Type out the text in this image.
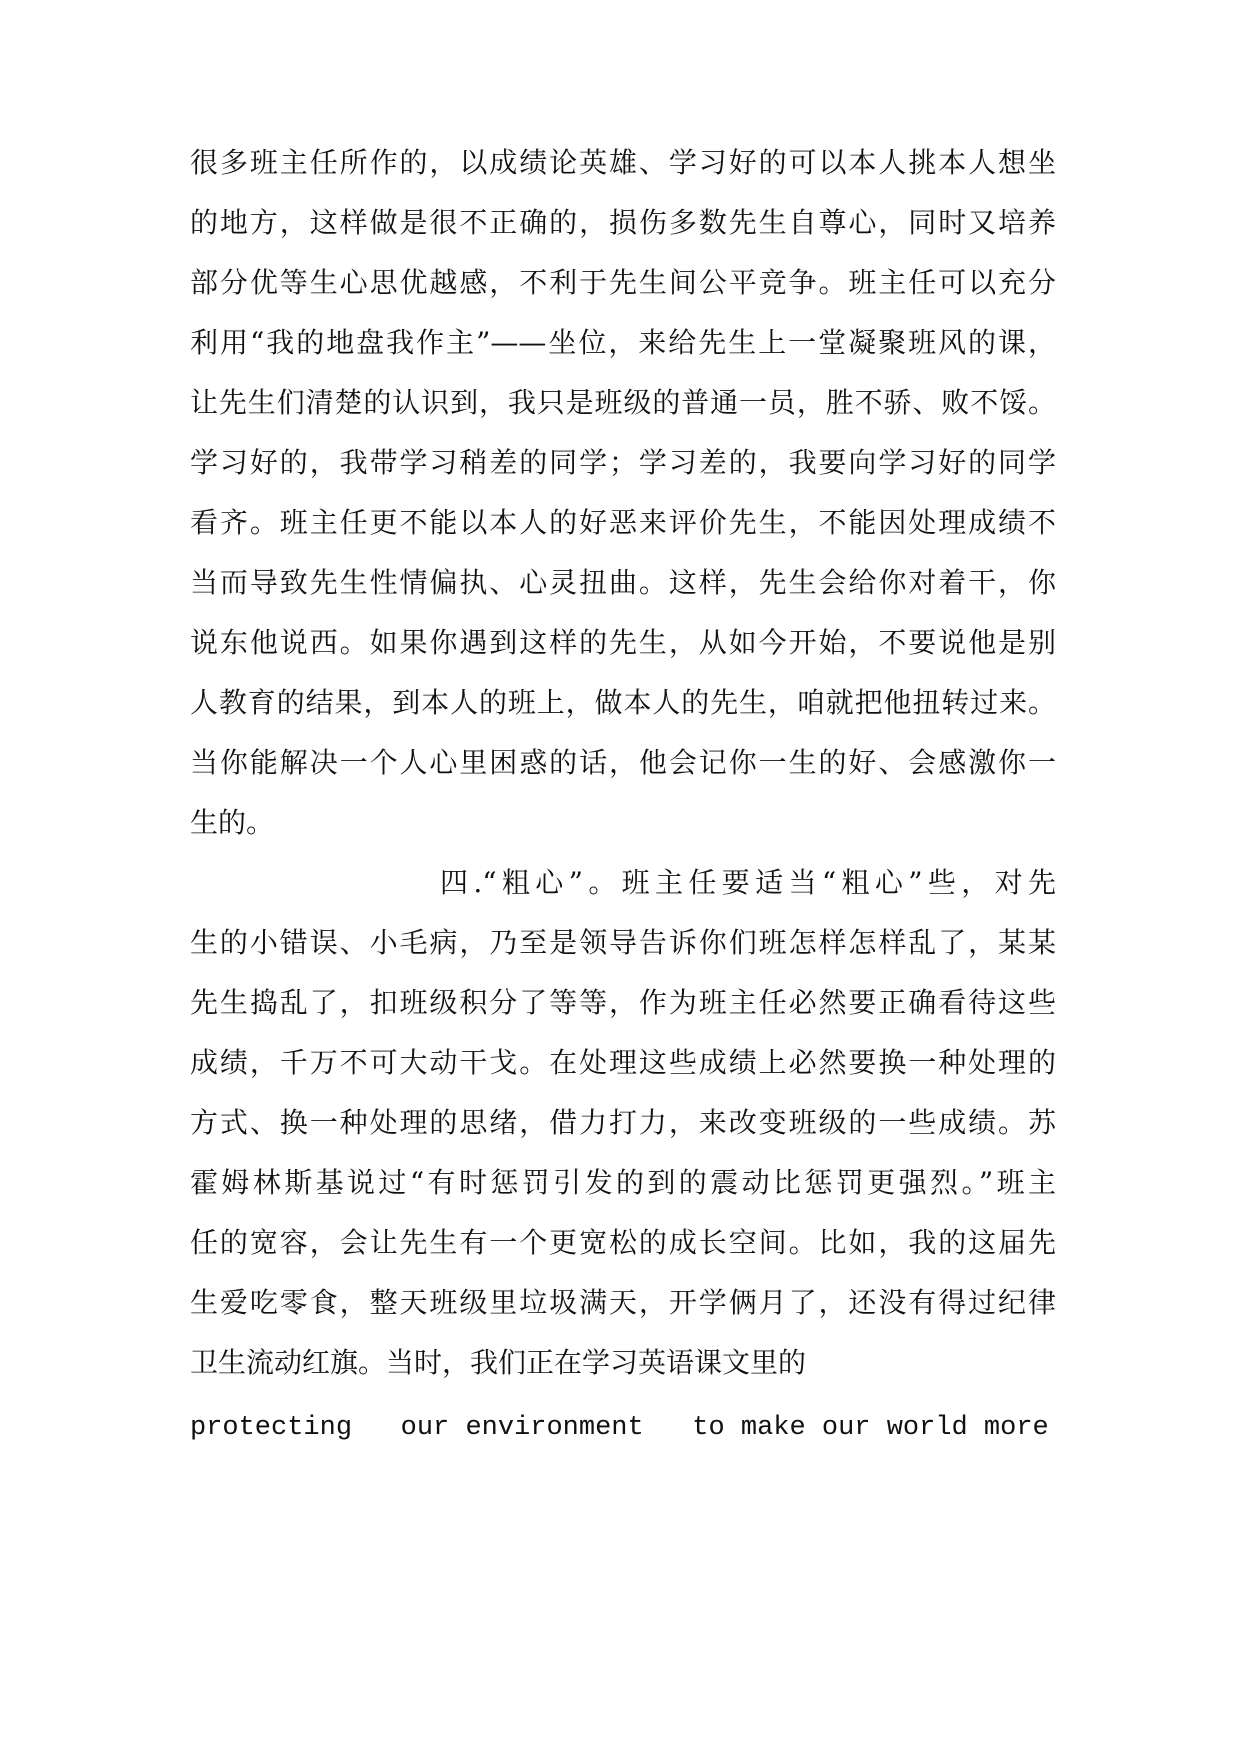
很多班主任所作的，以成绩论英雄、学习好的可以本人挑本人想坐
的地方，这样做是很不正确的，损伤多数先生自尊心，同时又培养
部分优等生心思优越感，不利于先生间公平竞争。班主任可以充分
利用“我的地盘我作主”——坐位，来给先生上一堂凝聚班风的课，
让先生们清楚的认识到，我只是班级的普通一员，胜不骄、败不馁。
学习好的，我带学习稍差的同学；学习差的，我要向学习好的同学
看齐。班主任更不能以本人的好恶来评价先生，不能因处理成绩不
当而导致先生性情偏执、心灵扭曲。这样，先生会给你对着干，你
说东他说西。如果你遇到这样的先生，从如今开始，不要说他是别
人教育的结果，到本人的班上，做本人的先生，咱就把他扭转过来。
当你能解决一个人心里困惑的话，他会记你一生的好、会感激你一
生的。
四.“粗心”。班主任要适当“粗心”些，对先
生的小错误、小毛病，乃至是领导告诉你们班怎样怎样乱了，某某
先生捣乱了，扣班级积分了等等，作为班主任必然要正确看待这些
成绩，千万不可大动干戈。在处理这些成绩上必然要换一种处理的
方式、换一种处理的思绪，借力打力，来改变班级的一些成绩。苏
霍姆林斯基说过“有时惩罚引发的到的震动比惩罚更强烈。”班主
任的宽容，会让先生有一个更宽松的成长空间。比如，我的这届先
生爱吃零食，整天班级里垃圾满天，开学俩月了，还没有得过纪律
卫生流动红旗。当时，我们正在学习英语课文里的
protecting   our environment   to make our world more
